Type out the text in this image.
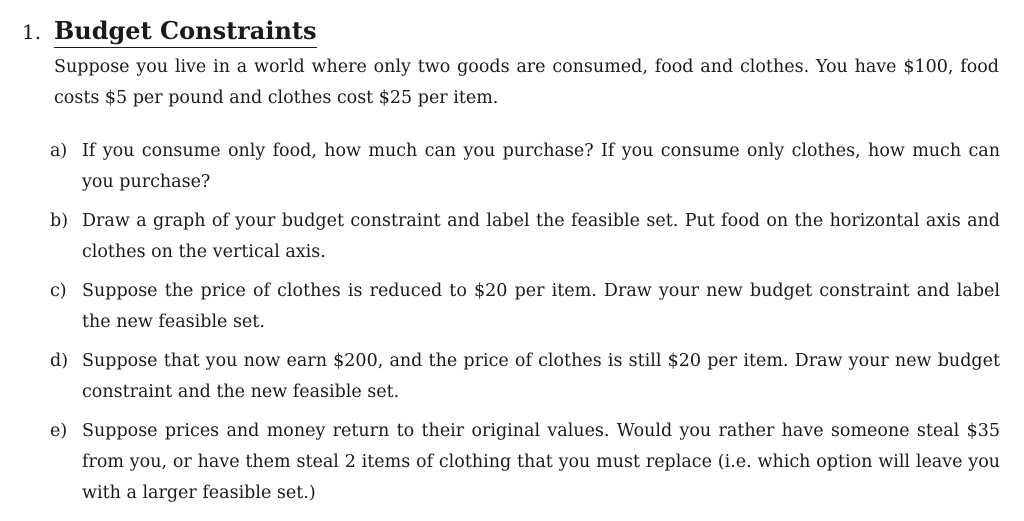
1. Budget Constraints

Suppose you live in a world where only two goods are consumed, food and clothes. You have $100, food costs $5 per pound and clothes cost $25 per item.

a) If you consume only food, how much can you purchase? If you consume only clothes, how much can you purchase?
b) Draw a graph of your budget constraint and label the feasible set. Put food on the horizontal axis and clothes on the vertical axis.
c) Suppose the price of clothes is reduced to $20 per item. Draw your new budget constraint and label the new feasible set.
d) Suppose that you now earn $200, and the price of clothes is still $20 per item. Draw your new budget constraint and the new feasible set.
e) Suppose prices and money return to their original values. Would you rather have someone steal $35 from you, or have them steal 2 items of clothing that you must replace (i.e. which option will leave you with a larger feasible set.)
